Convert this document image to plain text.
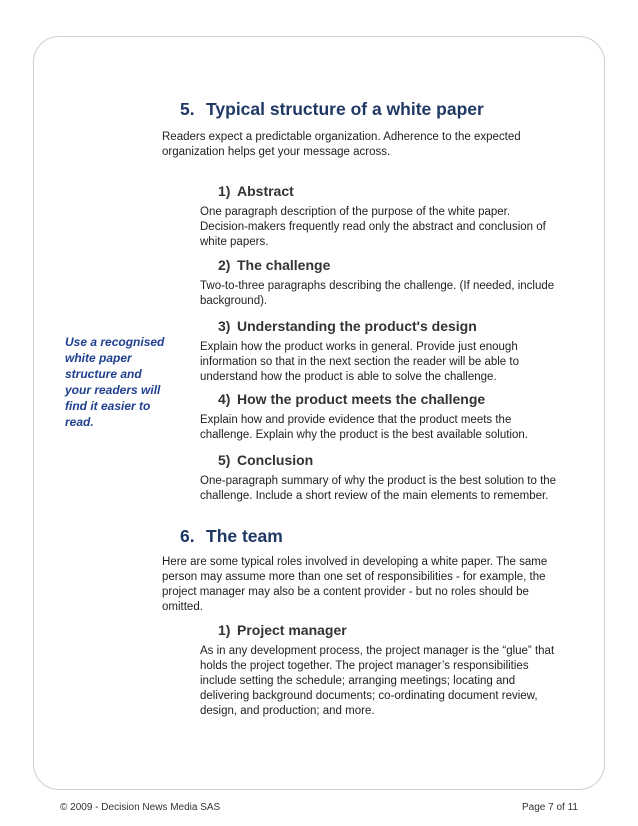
5. Typical structure of a white paper

Readers expect a predictable organization. Adherence to the expected organization helps get your message across.

1) Abstract

One paragraph description of the purpose of the white paper. Decision-makers frequently read only the abstract and conclusion of white papers.

2) The challenge

Two-to-three paragraphs describing the challenge. (If needed, include background).

3) Understanding the product's design

Explain how the product works in general. Provide just enough information so that in the next section the reader will be able to understand how the product is able to solve the challenge.

4) How the product meets the challenge

Explain how and provide evidence that the product meets the challenge. Explain why the product is the best available solution.

5) Conclusion

One-paragraph summary of why the product is the best solution to the challenge. Include a short review of the main elements to remember.

6. The team

Here are some typical roles involved in developing a white paper. The same person may assume more than one set of responsibilities - for example, the project manager may also be a content provider - but no roles should be omitted.

1) Project manager

As in any development process, the project manager is the “glue” that holds the project together. The project manager’s responsibilities include setting the schedule; arranging meetings; locating and delivering background documents; co-ordinating document review, design, and production; and more.

Use a recognised white paper structure and your readers will find it easier to read.

© 2009 - Decision News Media SAS	Page 7 of 11
